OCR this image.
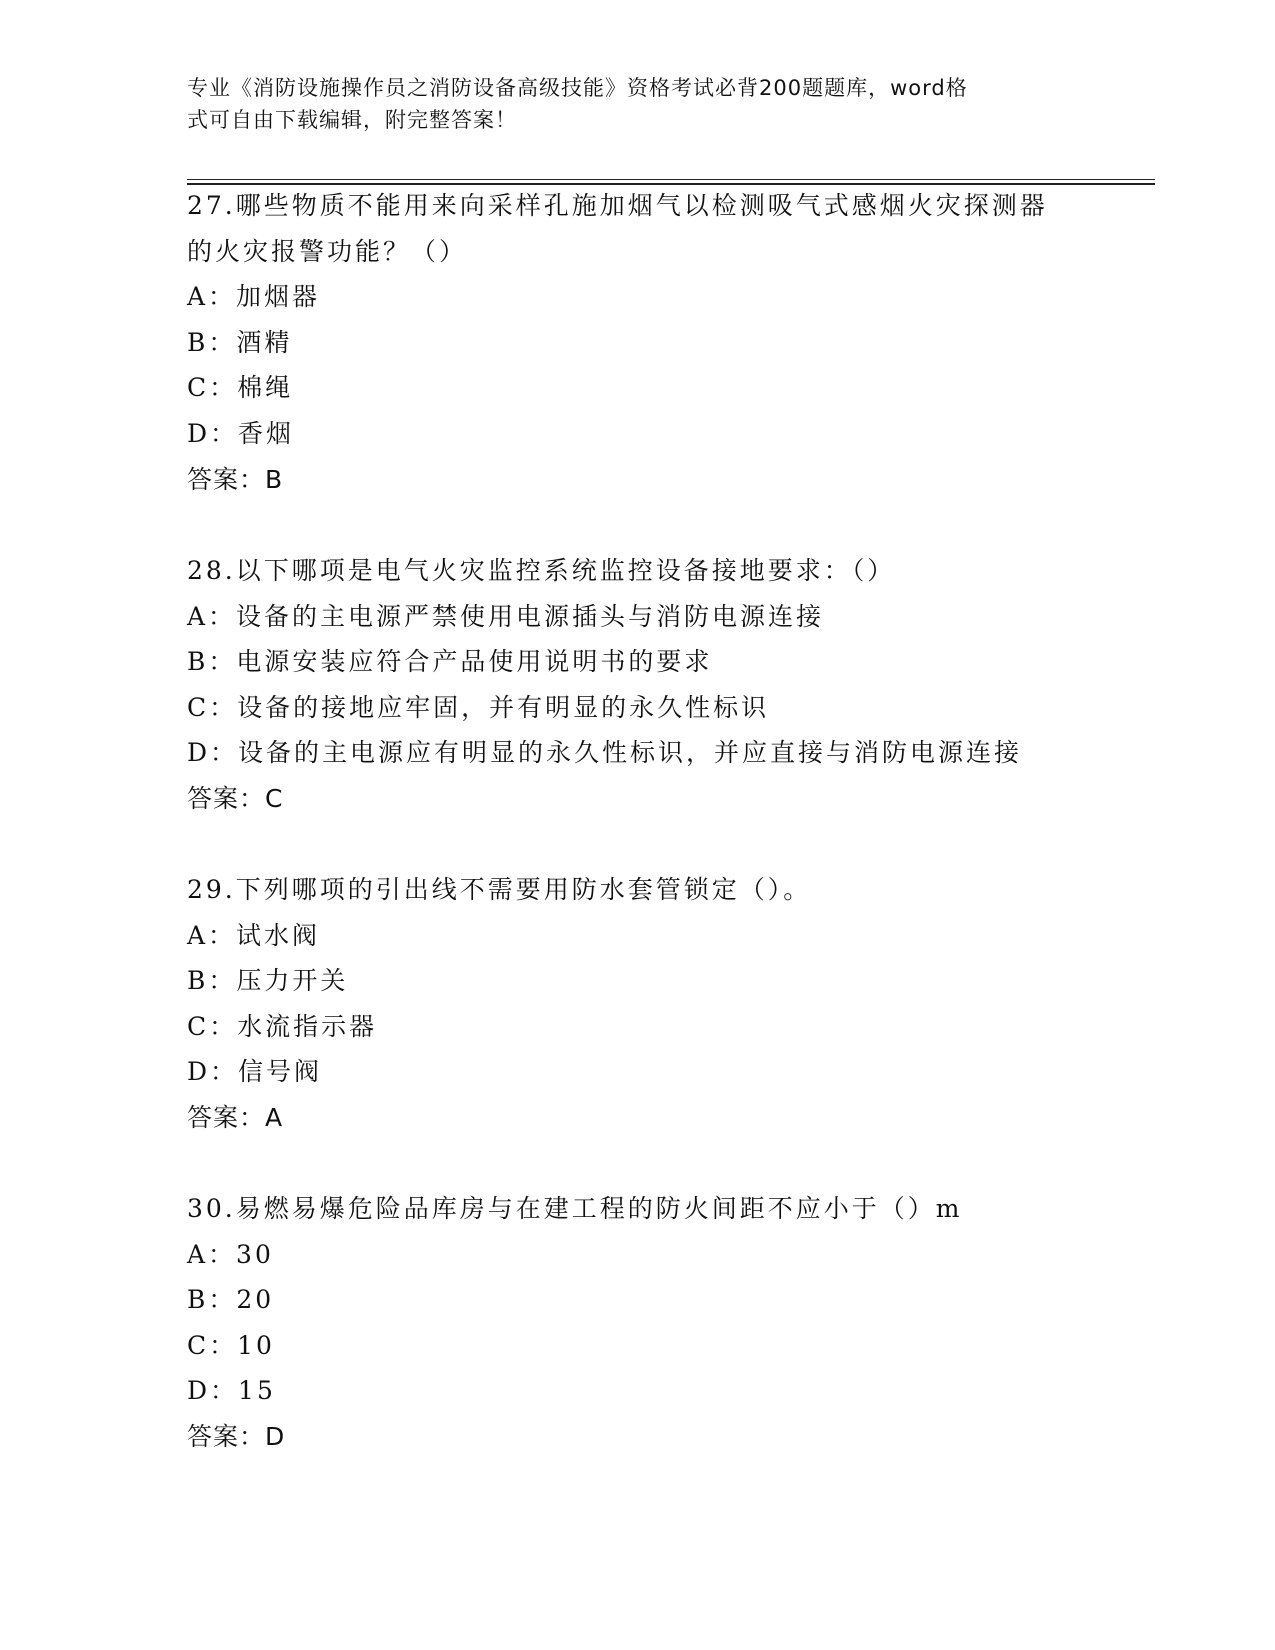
专业《消防设施操作员之消防设备高级技能》资格考试必背200题题库，word格
式可自由下载编辑，附完整答案！
27.哪些物质不能用来向采样孔施加烟气以检测吸气式感烟火灾探测器
的火灾报警功能？（）
A：加烟器
B：酒精
C：棉绳
D：香烟
答案：B
28.以下哪项是电气火灾监控系统监控设备接地要求：（）
A：设备的主电源严禁使用电源插头与消防电源连接
B：电源安装应符合产品使用说明书的要求
C：设备的接地应牢固，并有明显的永久性标识
D：设备的主电源应有明显的永久性标识，并应直接与消防电源连接
答案：C
29.下列哪项的引出线不需要用防水套管锁定（）。
A：试水阀
B：压力开关
C：水流指示器
D：信号阀
答案：A
30.易燃易爆危险品库房与在建工程的防火间距不应小于（）m
A：30
B：20
C：10
D：15
答案：D
